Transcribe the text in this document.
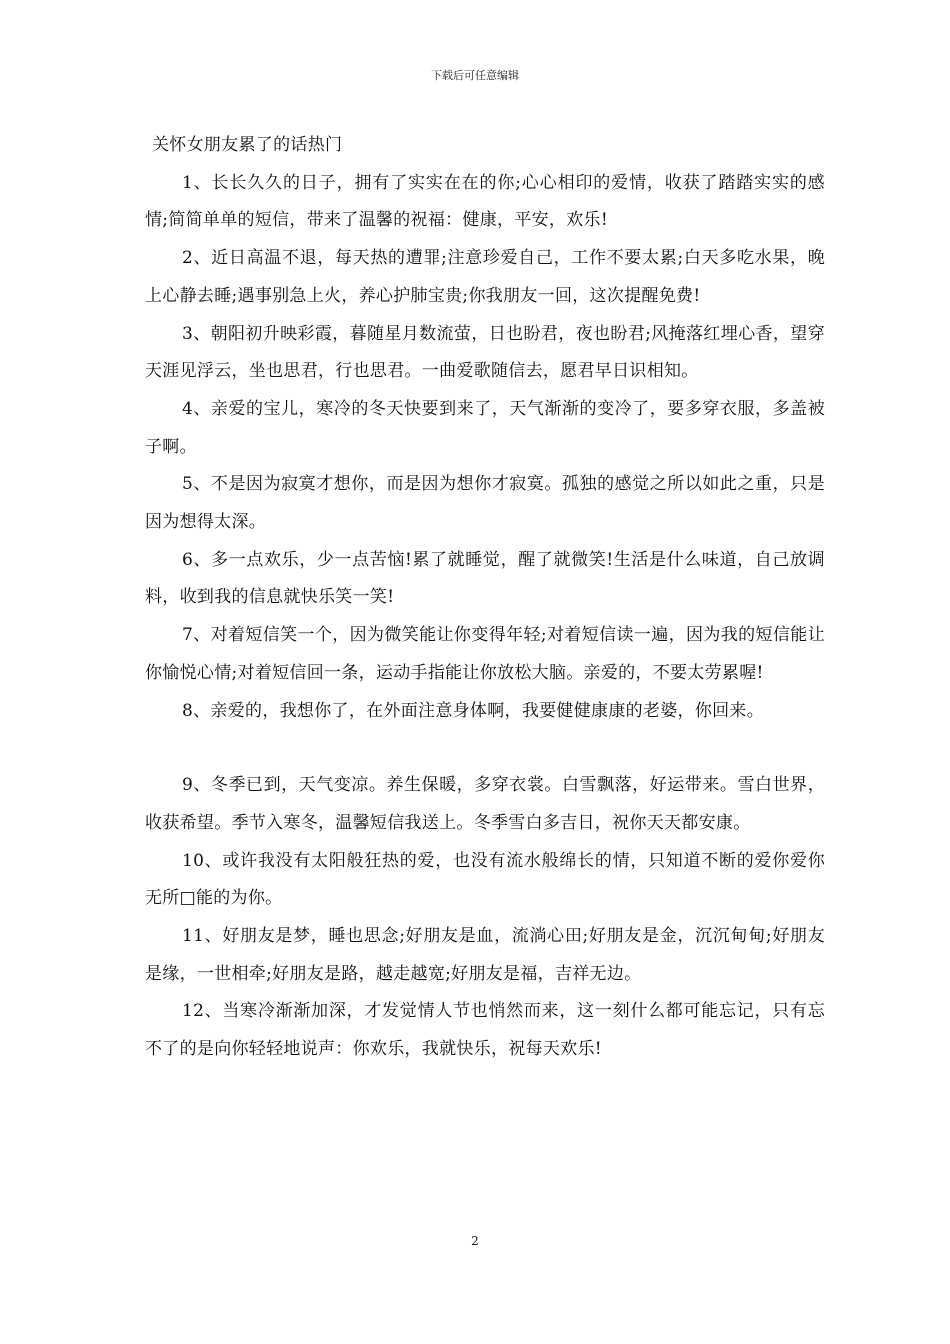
下载后可任意编辑

关怀女朋友累了的话热门

1、长长久久的日子，拥有了实实在在的你;心心相印的爱情，收获了踏踏实实的感情;简简单单的短信，带来了温馨的祝福：健康，平安，欢乐!

2、近日高温不退，每天热的遭罪;注意珍爱自己，工作不要太累;白天多吃水果，晚上心静去睡;遇事别急上火，养心护肺宝贵;你我朋友一回，这次提醒免费!

3、朝阳初升映彩霞，暮随星月数流萤，日也盼君，夜也盼君;风掩落红埋心香，望穿天涯见浮云，坐也思君，行也思君。一曲爱歌随信去，愿君早日识相知。

4、亲爱的宝儿，寒冷的冬天快要到来了，天气渐渐的变冷了，要多穿衣服，多盖被子啊。

5、不是因为寂寞才想你，而是因为想你才寂寞。孤独的感觉之所以如此之重，只是因为想得太深。

6、多一点欢乐，少一点苦恼!累了就睡觉，醒了就微笑!生活是什么味道，自己放调料，收到我的信息就快乐笑一笑!

7、对着短信笑一个，因为微笑能让你变得年轻;对着短信读一遍，因为我的短信能让你愉悦心情;对着短信回一条，运动手指能让你放松大脑。亲爱的，不要太劳累喔!

8、亲爱的，我想你了，在外面注意身体啊，我要健健康康的老婆，你回来。

9、冬季已到，天气变凉。养生保暖，多穿衣裳。白雪飘落，好运带来。雪白世界，收获希望。季节入寒冬，温馨短信我送上。冬季雪白多吉日，祝你天天都安康。

10、或许我没有太阳般狂热的爱，也没有流水般绵长的情，只知道不断的爱你爱你无所□能的为你。

11、好朋友是梦，睡也思念;好朋友是血，流淌心田;好朋友是金，沉沉甸甸;好朋友是缘，一世相牵;好朋友是路，越走越宽;好朋友是福，吉祥无边。

12、当寒冷渐渐加深，才发觉情人节也悄然而来，这一刻什么都可能忘记，只有忘不了的是向你轻轻地说声：你欢乐，我就快乐，祝每天欢乐!

2
